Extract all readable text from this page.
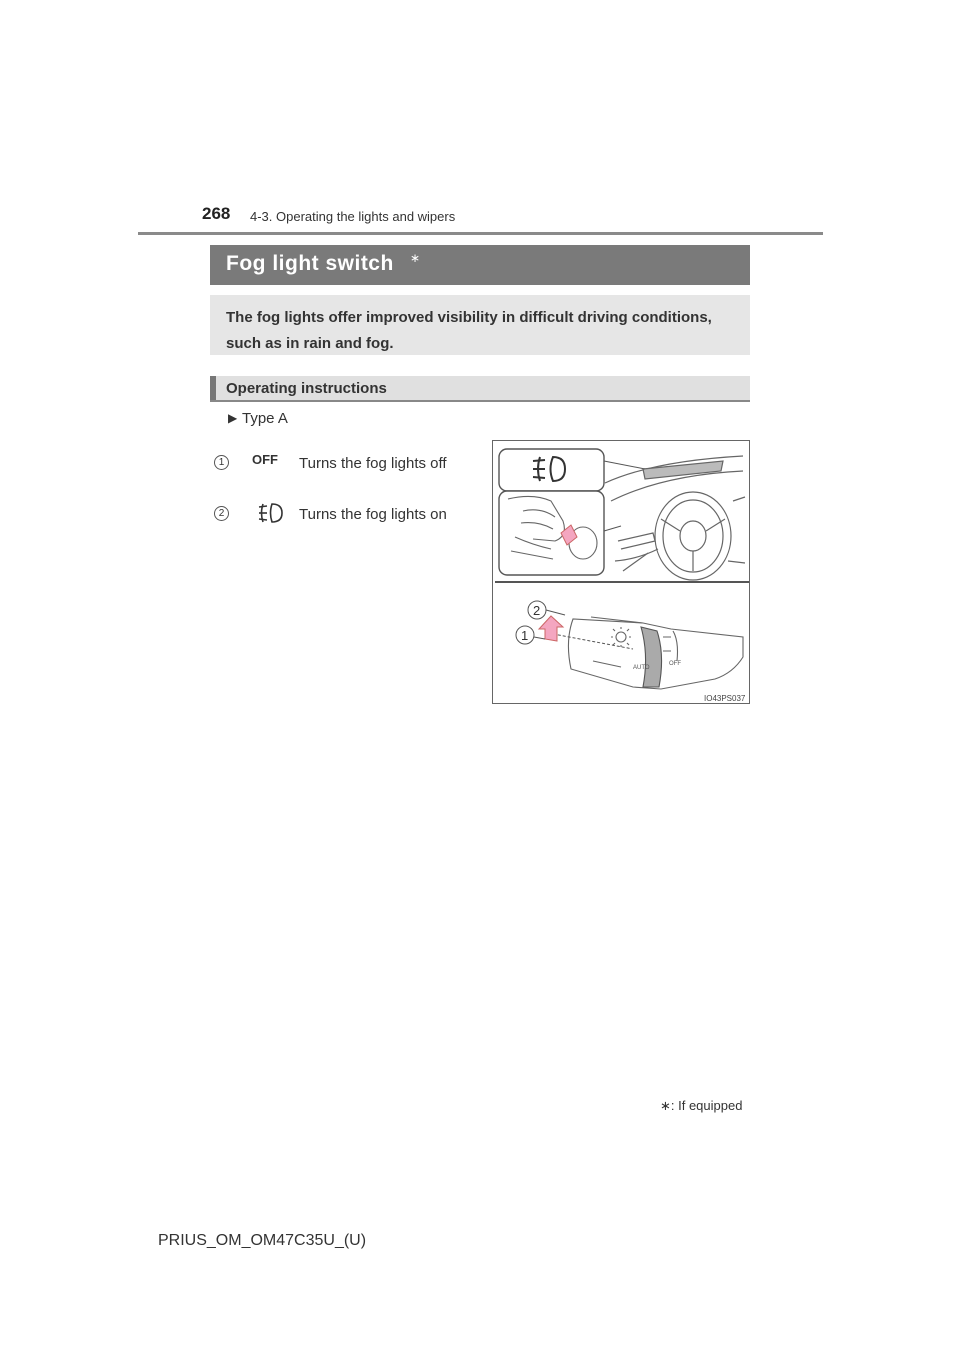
268 4-3. Operating the lights and wipers
Fog light switch ∗
The fog lights offer improved visibility in difficult driving conditions, such as in rain and fog.
Operating instructions
▶ Type A
1	OFF Turns the fog lights off
2	Turns the fog lights on
2
1
AUTO
OFF
IO43PS037
∗: If equipped
PRIUS_OM_OM47C35U_(U)
